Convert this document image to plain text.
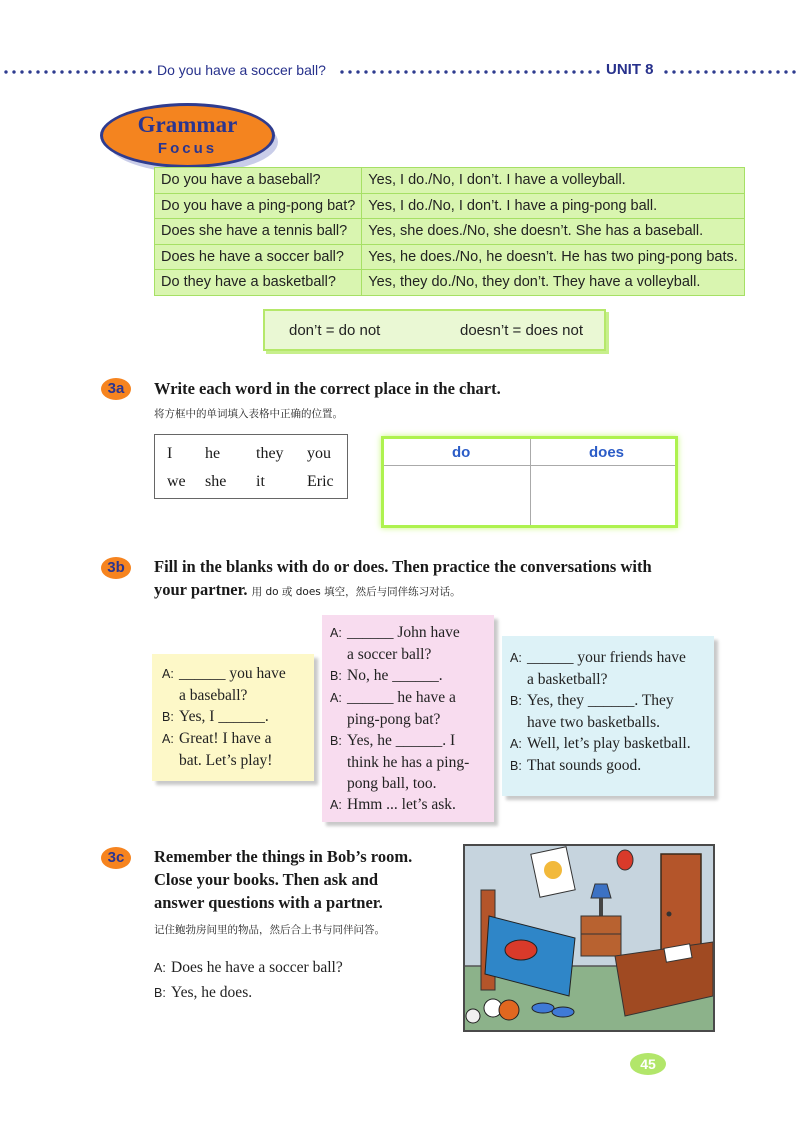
Do you have a soccer ball?	UNIT 8
Grammar
Focus
Do you have a baseball?	Yes, I do./No, I don’t. I have a volleyball.
Do you have a ping-pong bat?	Yes, I do./No, I don’t. I have a ping-pong ball.
Does she have a tennis ball?	Yes, she does./No, she doesn’t. She has a baseball.
Does he have a soccer ball?	Yes, he does./No, he doesn’t. He has two ping-pong bats.
Do they have a basketball?	Yes, they do./No, they don’t. They have a volleyball.
don’t = do not	doesn’t = does not
3a	Write each word in the correct place in the chart.
将方框中的单词填入表格中正确的位置。
I he they you
we she it	Eric
do	does
3b	Fill in the blanks with do or does. Then practice the conversations with
your partner. 用 do 或 does 填空，然后与同伴练习对话。
A: ______ you have
a baseball?
B: Yes, I ______.
A: Great! I have a
bat. Let’s play!
A: ______ John have
a soccer ball?
B: No, he ______.
A: ______ he have a
ping-pong bat?
B: Yes, he ______. I
think he has a ping-
pong ball, too.
A: Hmm ... let’s ask.
A: ______ your friends have
a basketball?
B: Yes, they ______. They
have two basketballs.
A: Well, let’s play basketball.
B: That sounds good.
3c	Remember the things in Bob’s room.
Close your books. Then ask and
answer questions with a partner.
记住鲍勃房间里的物品，然后合上书与同伴问答。
A: Does he have a soccer ball?
B: Yes, he does.
45
